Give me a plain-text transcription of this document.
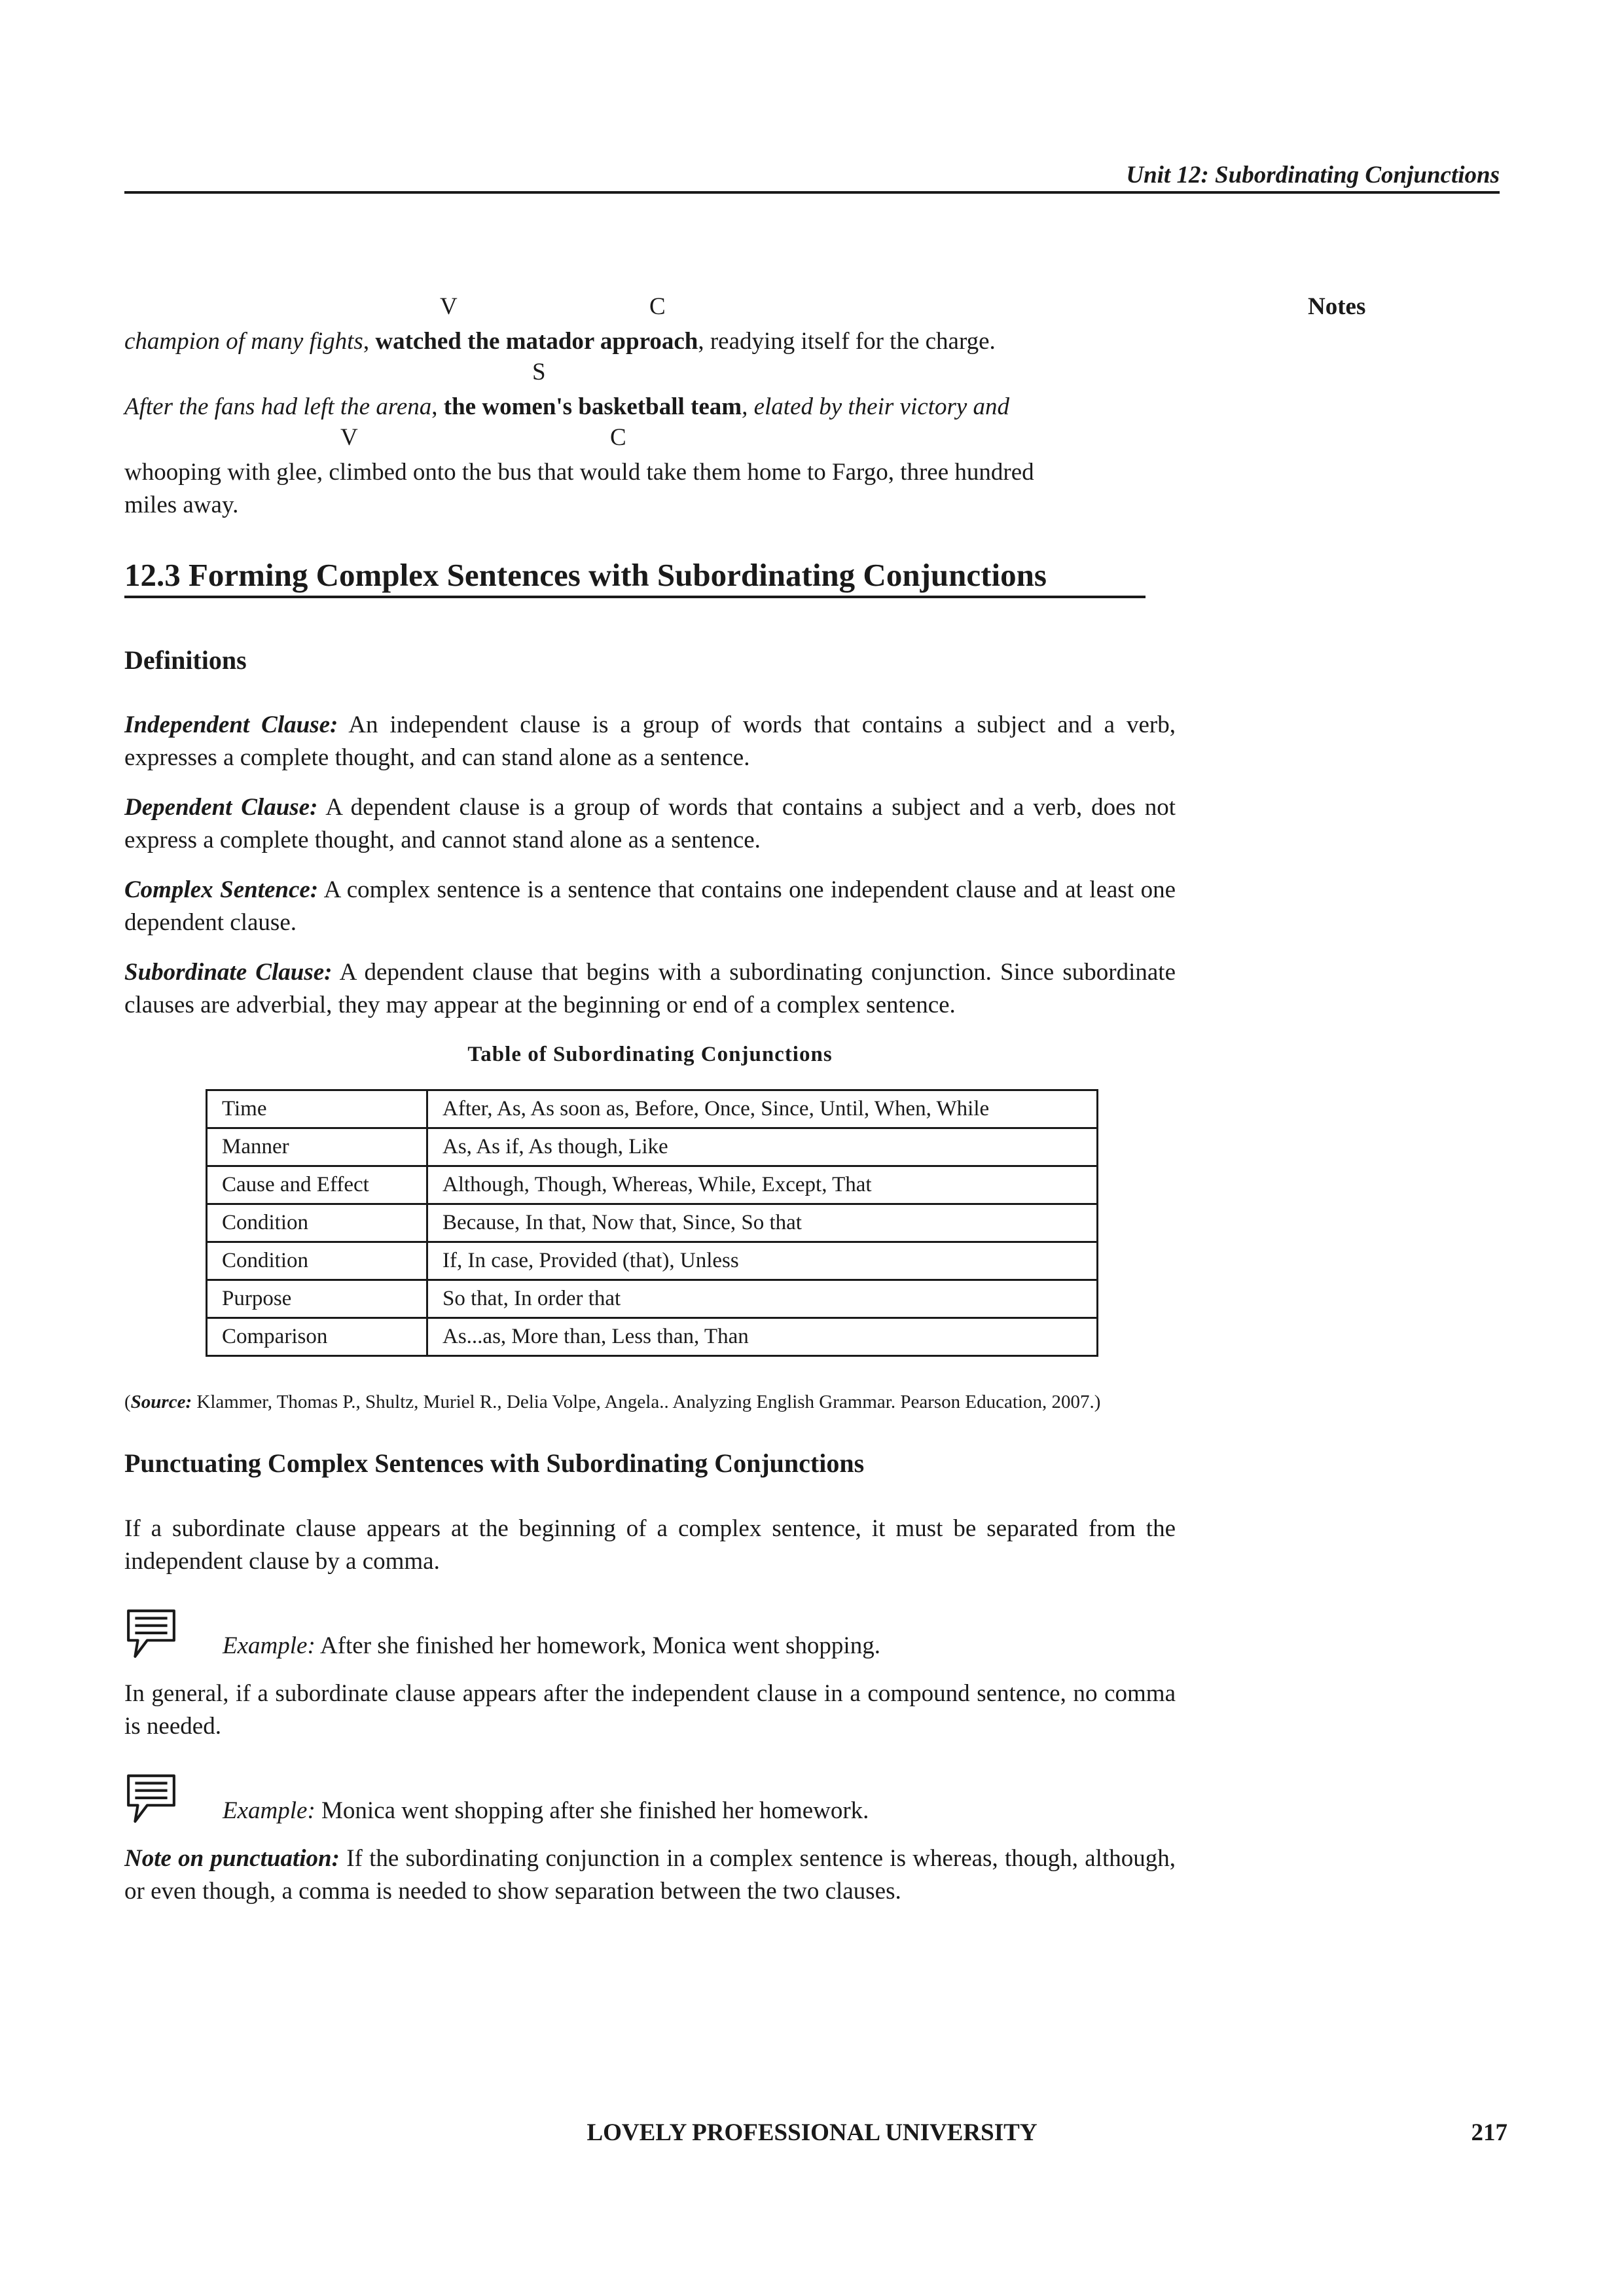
Unit 12: Subordinating Conjunctions
Notes
V	C
champion of many fights, watched the matador approach, readying itself for the charge.
S
After the fans had left the arena, the women's basketball team, elated by their victory and
V	C
whooping with glee, climbed onto the bus that would take them home to Fargo, three hundred
miles away.
12.3 Forming Complex Sentences with Subordinating Conjunctions
Definitions
Independent Clause: An independent clause is a group of words that contains a subject and a verb, expresses a complete thought, and can stand alone as a sentence.
Dependent Clause: A dependent clause is a group of words that contains a subject and a verb, does not express a complete thought, and cannot stand alone as a sentence.
Complex Sentence: A complex sentence is a sentence that contains one independent clause and at least one dependent clause.
Subordinate Clause: A dependent clause that begins with a subordinating conjunction. Since subordinate clauses are adverbial, they may appear at the beginning or end of a complex sentence.
Table of Subordinating Conjunctions
Time	After, As, As soon as, Before, Once, Since, Until, When, While
Manner	As, As if, As though, Like
Cause and Effect	Although, Though, Whereas, While, Except, That
Condition	Because, In that, Now that, Since, So that
Condition	If, In case, Provided (that), Unless
Purpose	So that, In order that
Comparison	As...as, More than, Less than, Than
(Source: Klammer, Thomas P., Shultz, Muriel R., Delia Volpe, Angela.. Analyzing English Grammar. Pearson Education, 2007.)
Punctuating Complex Sentences with Subordinating Conjunctions
If a subordinate clause appears at the beginning of a complex sentence, it must be separated from the independent clause by a comma.
Example: After she finished her homework, Monica went shopping.
In general, if a subordinate clause appears after the independent clause in a compound sentence, no comma is needed.
Example: Monica went shopping after she finished her homework.
Note on punctuation: If the subordinating conjunction in a complex sentence is whereas, though, although, or even though, a comma is needed to show separation between the two clauses.
LOVELY PROFESSIONAL UNIVERSITY	217
